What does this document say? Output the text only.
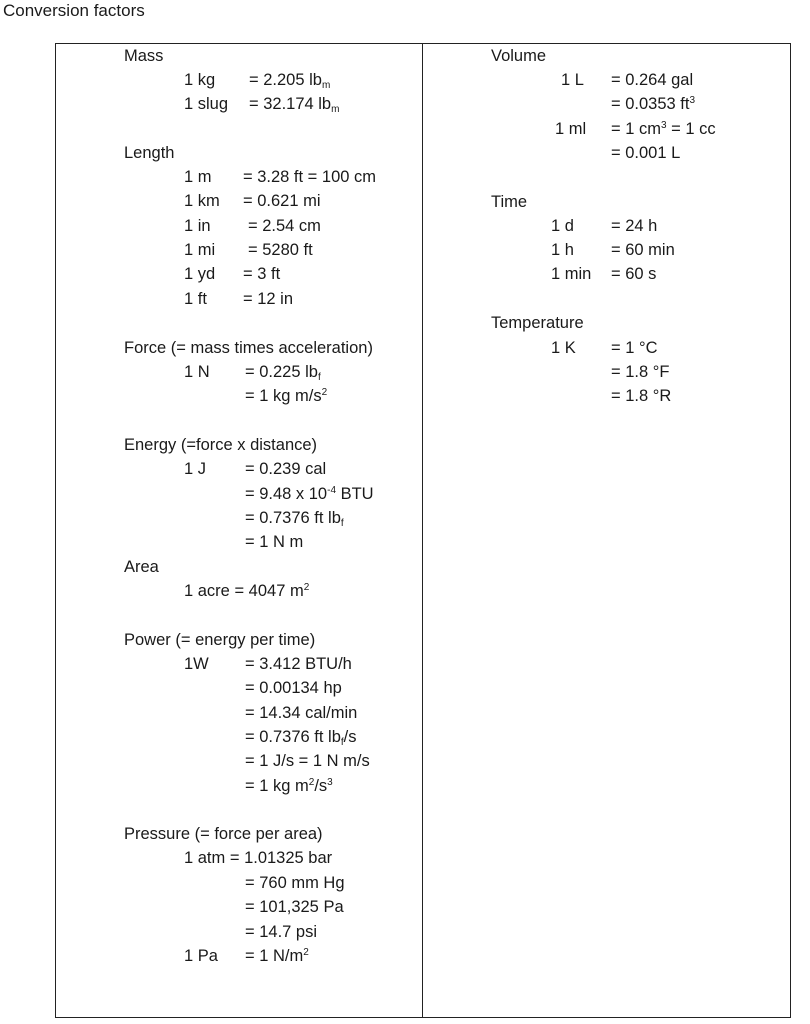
Conversion factors
Mass
1 kg = 2.205 $lb_m$
1 slug = 32.174 $lb_m$
Length
1 m = 3.28 ft = 100 cm
1 km = 0.621 mi
1 in = 2.54 cm
1 mi = 5280 ft
1 yd = 3 ft
1 ft = 12 in
Force (= mass times acceleration)
1 N = 0.225 $lb_f$
= 1 kg $m/s^2$
Energy (=force x distance)
1 J = 0.239 cal
= 9.48 x $10^{-4}$ BTU
= 0.7376 ft $lb_f$
= 1 N m
Area
1 acre = 4047 $m^2$
Power (= energy per time)
1W = 3.412 BTU/h
= 0.00134 hp
= 14.34 cal/min
= 0.7376 ft $lb_f/s$
= 1 J/s = 1 N m/s
= 1 kg $m^2/s^3$
Pressure (= force per area)
1 atm = 1.01325 bar
= 760 mm Hg
= 101,325 Pa
= 14.7 psi
1 Pa = 1 $N/m^2$
Volume
1 L = 0.264 gal
= 0.0353 $ft^3$
1 ml = 1 $cm^3 = 1$ cc
= 0.001 L
Time
1 d = 24 h
1 h = 60 min
1 min = 60 s
Temperature
1 K = 1 °C
= 1.8 °F
= 1.8 °R
